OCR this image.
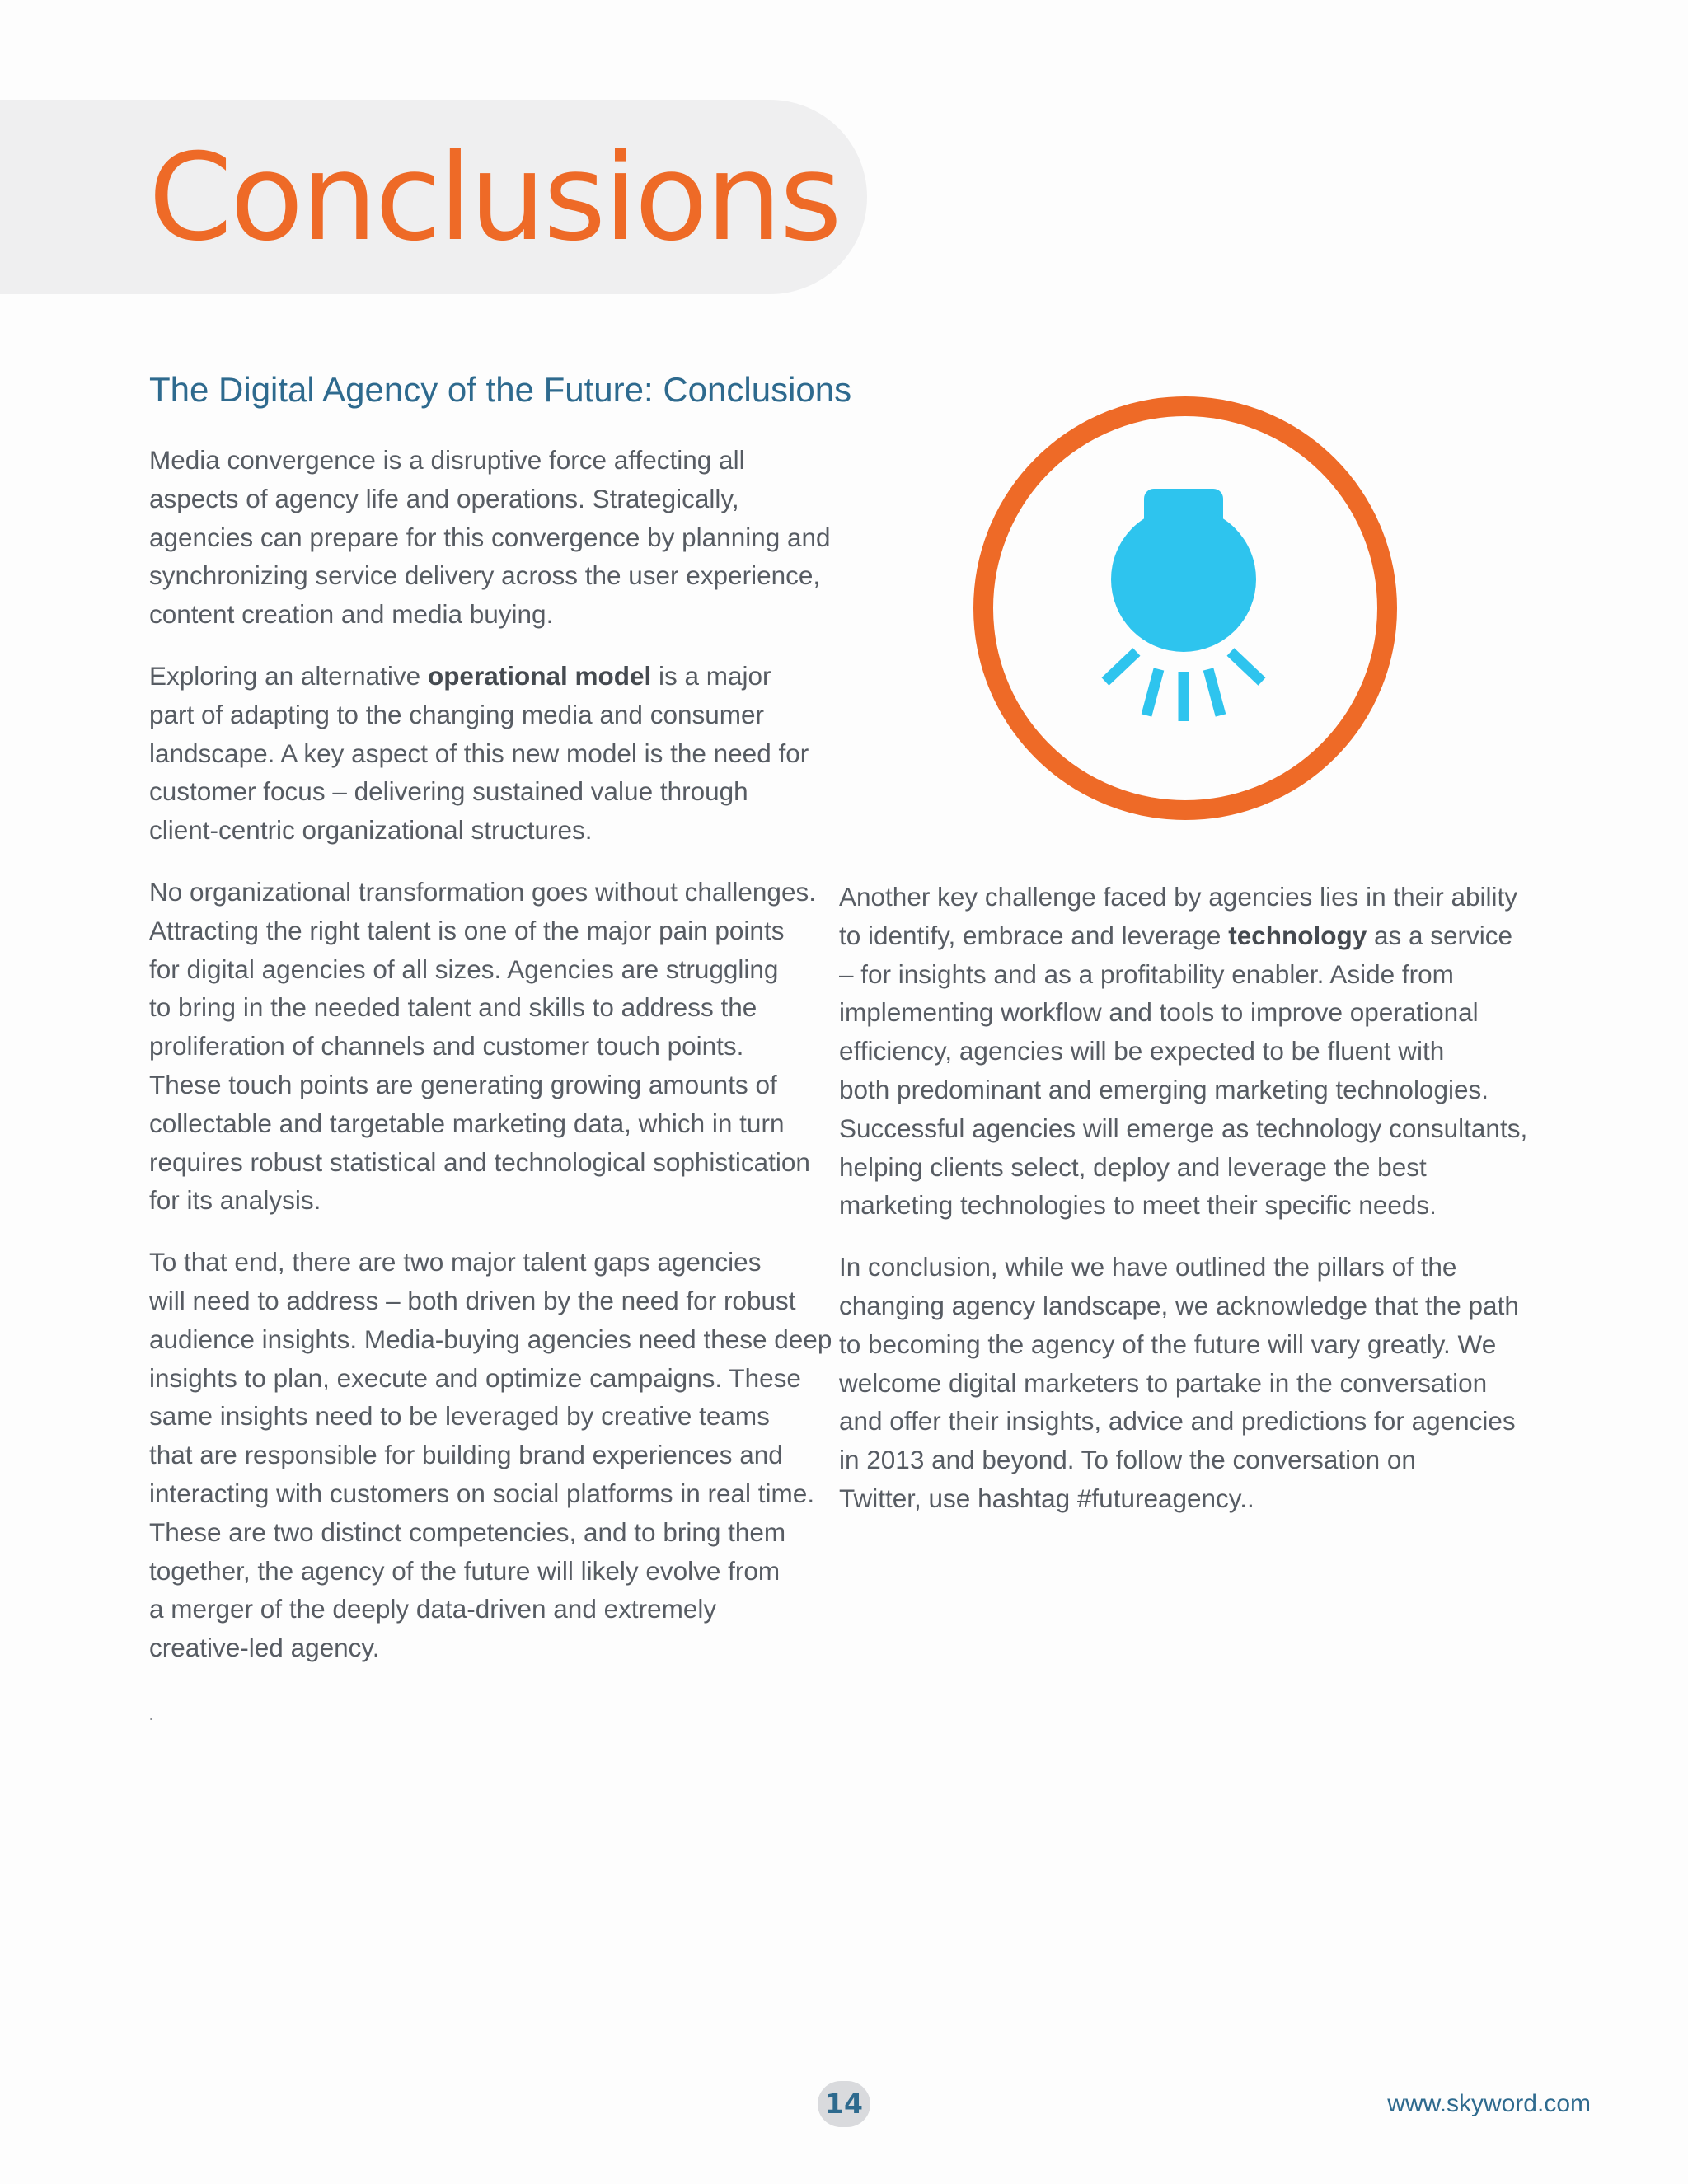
Conclusions
The Digital Agency of the Future: Conclusions

Media convergence is a disruptive force affecting all
aspects of agency life and operations. Strategically,
agencies can prepare for this convergence by planning and
synchronizing service delivery across the user experience,
content creation and media buying.

Exploring an alternative operational model is a major
part of adapting to the changing media and consumer
landscape. A key aspect of this new model is the need for
customer focus – delivering sustained value through
client-centric organizational structures.

No organizational transformation goes without challenges.
Attracting the right talent is one of the major pain points
for digital agencies of all sizes. Agencies are struggling
to bring in the needed talent and skills to address the
proliferation of channels and customer touch points.
These touch points are generating growing amounts of
collectable and targetable marketing data, which in turn
requires robust statistical and technological sophistication
for its analysis.

To that end, there are two major talent gaps agencies
will need to address – both driven by the need for robust
audience insights. Media-buying agencies need these deep
insights to plan, execute and optimize campaigns. These
same insights need to be leveraged by creative teams
that are responsible for building brand experiences and
interacting with customers on social platforms in real time.
These are two distinct competencies, and to bring them
together, the agency of the future will likely evolve from
a merger of the deeply data-driven and extremely
creative-led agency.

.

Another key challenge faced by agencies lies in their ability
to identify, embrace and leverage technology as a service
– for insights and as a profitability enabler. Aside from
implementing workflow and tools to improve operational
efficiency, agencies will be expected to be fluent with
both predominant and emerging marketing technologies.
Successful agencies will emerge as technology consultants,
helping clients select, deploy and leverage the best
marketing technologies to meet their specific needs.

In conclusion, while we have outlined the pillars of the
changing agency landscape, we acknowledge that the path
to becoming the agency of the future will vary greatly. We
welcome digital marketers to partake in the conversation
and offer their insights, advice and predictions for agencies
in 2013 and beyond. To follow the conversation on
Twitter, use hashtag #futureagency..

14	www.skyword.com
